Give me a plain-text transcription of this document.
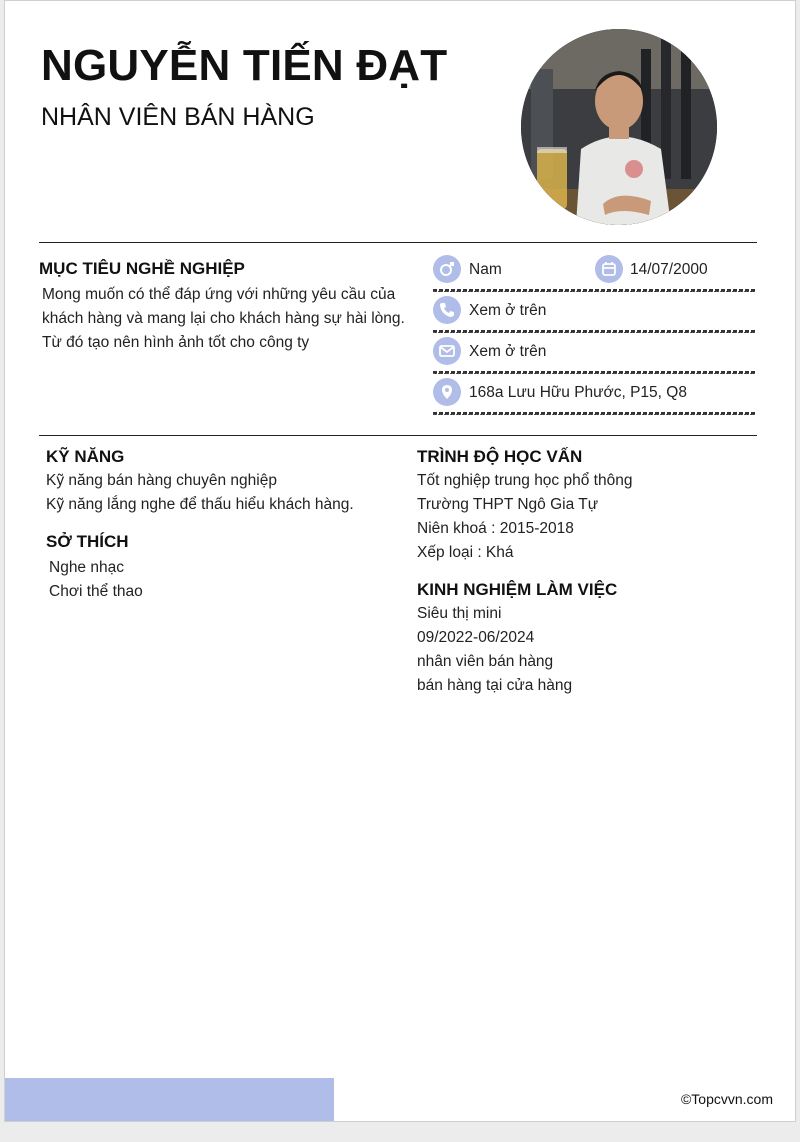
NGUYỄN TIẾN ĐẠT
NHÂN VIÊN BÁN HÀNG
MỤC TIÊU NGHỀ NGHIỆP
Mong muốn có thể đáp ứng với những yêu cầu của
khách hàng và mang lại cho khách hàng sự hài lòng.
Từ đó tạo nên hình ảnh tốt cho công ty
Nam	14/07/2000
Xem ở trên
Xem ở trên
168a Lưu Hữu Phước, P15, Q8
KỸ NĂNG
Kỹ năng bán hàng chuyên nghiệp
Kỹ năng lắng nghe để thấu hiểu khách hàng.
SỞ THÍCH
Nghe nhạc
Chơi thể thao
TRÌNH ĐỘ HỌC VẤN
Tốt nghiệp trung học phổ thông
Trường THPT Ngô Gia Tự
Niên khoá : 2015-2018
Xếp loại : Khá
KINH NGHIỆM LÀM VIỆC
Siêu thị mini
09/2022-06/2024
nhân viên bán hàng
bán hàng tại cửa hàng
©Topcvvn.com
